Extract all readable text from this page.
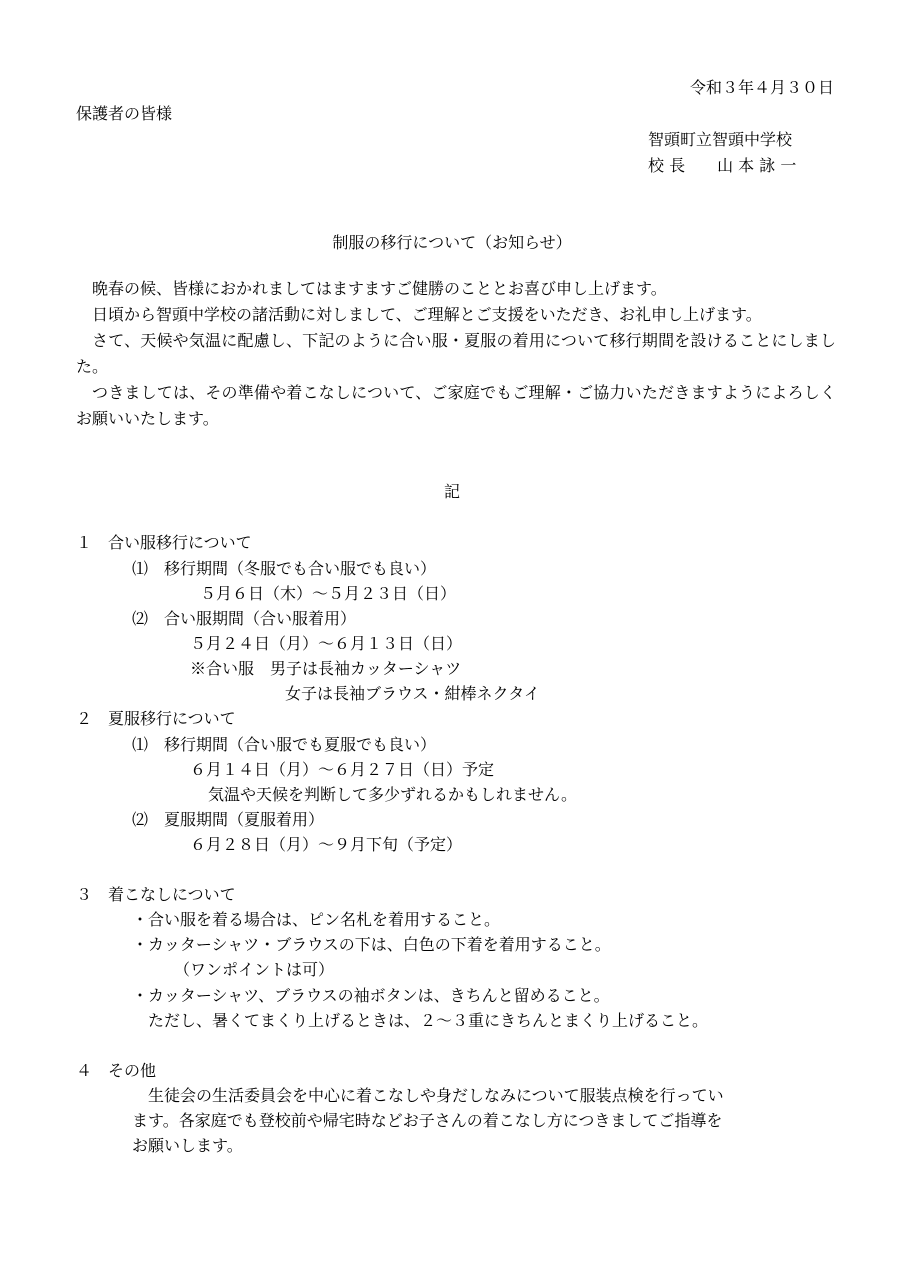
令和３年４月３０日
保護者の皆様
智頭町立智頭中学校
校 長　　山 本 詠 一
制服の移行について（お知らせ）

晩春の候、皆様におかれましてはますますご健勝のこととお喜び申し上げます。

日頃から智頭中学校の諸活動に対しまして、ご理解とご支援をいただき、お礼申し上げます。

さて、天候や気温に配慮し、下記のように合い服・夏服の着用について移行期間を設けることにしました。

つきましては、その準備や着こなしについて、ご家庭でもご理解・ご協力いただきますようによろしくお願いいたします。

記
１　合い服移行について
⑴　移行期間（冬服でも合い服でも良い）
５月６日（木）～５月２３日（日）
⑵　合い服期間（合い服着用）
５月２４日（月）～６月１３日（日）
※合い服　男子は長袖カッターシャツ
女子は長袖ブラウス・紺棒ネクタイ
２　夏服移行について
⑴　移行期間（合い服でも夏服でも良い）
６月１４日（月）～６月２７日（日）予定
気温や天候を判断して多少ずれるかもしれません。
⑵　夏服期間（夏服着用）
６月２８日（月）～９月下旬（予定）
３　着こなしについて
・合い服を着る場合は、ピン名札を着用すること。
・カッターシャツ・ブラウスの下は、白色の下着を着用すること。
（ワンポイントは可）
・カッターシャツ、ブラウスの袖ボタンは、きちんと留めること。
ただし、暑くてまくり上げるときは、２～３重にきちんとまくり上げること。
４　その他
生徒会の生活委員会を中心に着こなしや身だしなみについて服装点検を行ってい
ます。各家庭でも登校前や帰宅時などお子さんの着こなし方につきましてご指導を
お願いします。
